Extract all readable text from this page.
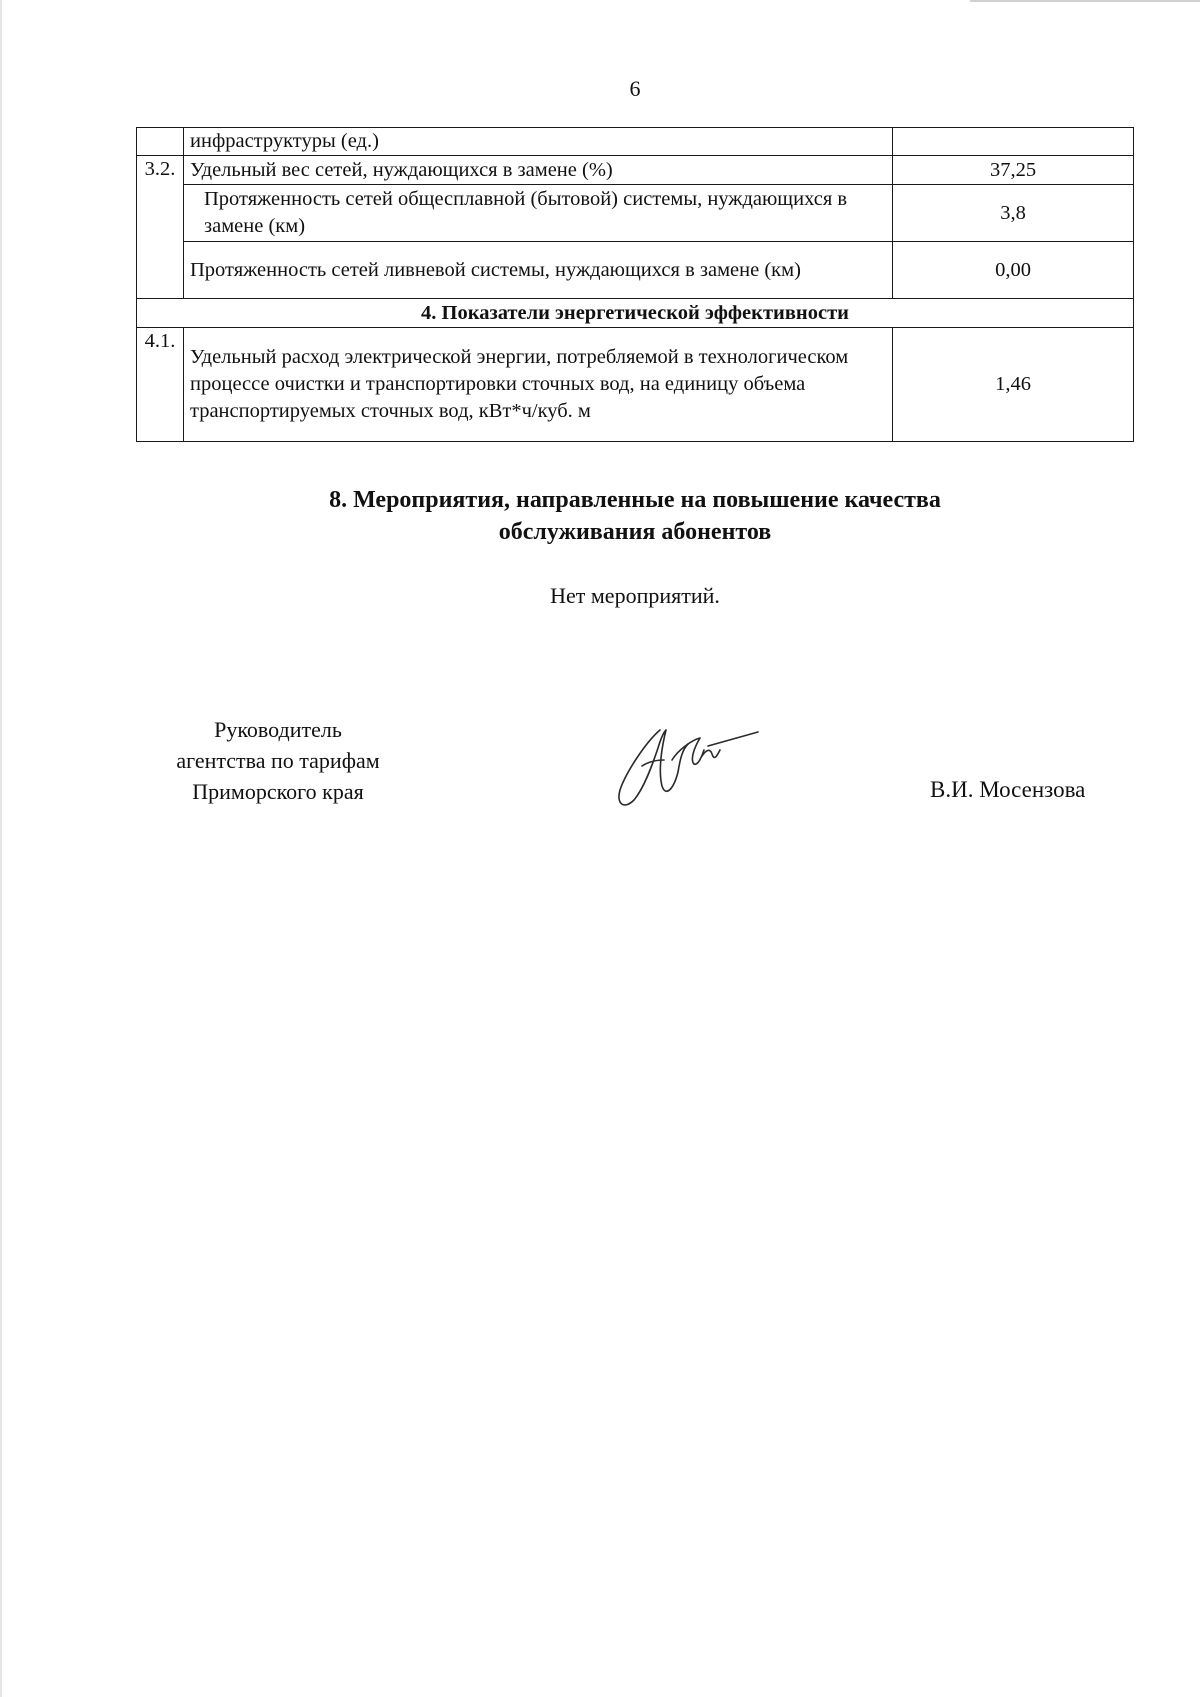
6
	инфраструктуры (ед.)	
3.2.	Удельный вес сетей, нуждающихся в замене (%)	37,25

	Протяженность сетей общесплавной (бытовой) системы, нуждающихся в замене (км)	3,8
	Протяженность сетей ливневой системы, нуждающихся в замене (км)	0,00
4. Показатели энергетической эффективности		
4.1.	Удельный расход электрической энергии, потребляемой в технологическом процессе очистки и транспортировки сточных вод, на единицу объема транспортируемых сточных вод, кВт*ч/куб. м	1,46
8. Мероприятия, направленные на повышение качества
обслуживания абонентов
Нет мероприятий.
Руководитель
агентства по тарифам
Приморского края	В.И. Мосензова
